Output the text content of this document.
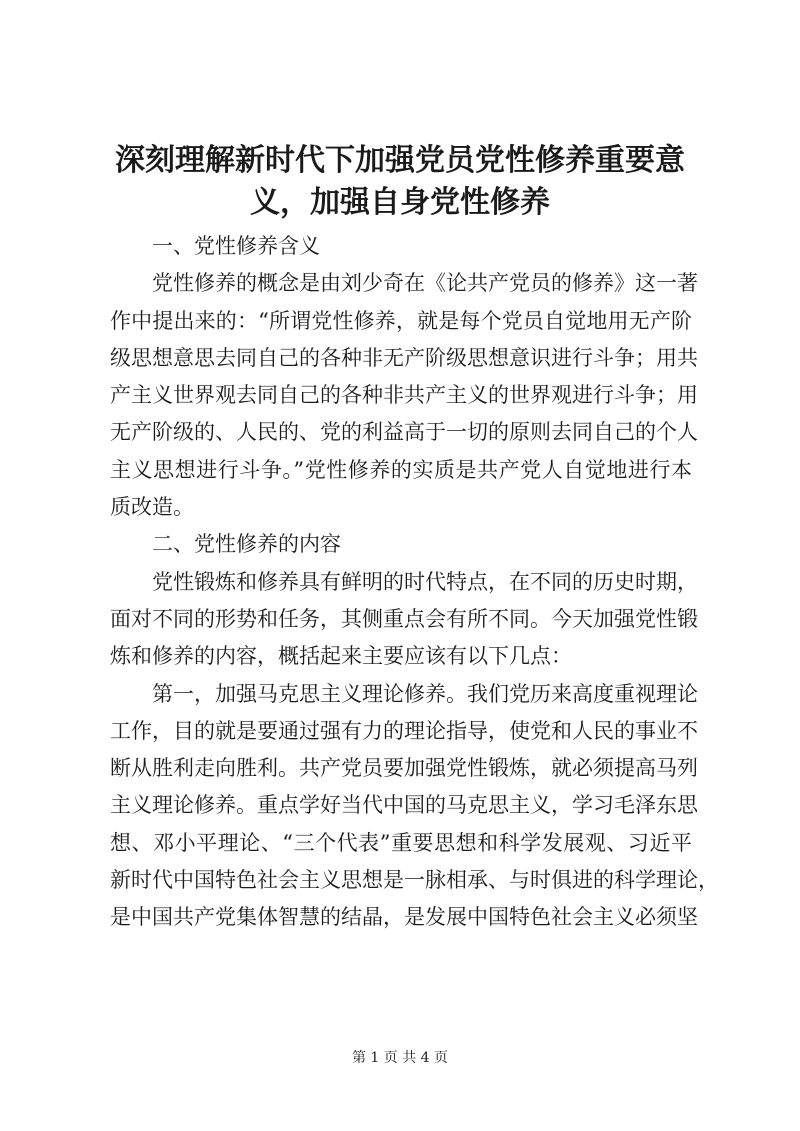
深刻理解新时代下加强党员党性修养重要意
义，加强自身党性修养
一、党性修养含义
党性修养的概念是由刘少奇在《论共产党员的修养》这一著
作中提出来的：“所谓党性修养，就是每个党员自觉地用无产阶
级思想意思去同自己的各种非无产阶级思想意识进行斗争；用共
产主义世界观去同自己的各种非共产主义的世界观进行斗争；用
无产阶级的、人民的、党的利益高于一切的原则去同自己的个人
主义思想进行斗争。”党性修养的实质是共产党人自觉地进行本
质改造。
二、党性修养的内容
党性锻炼和修养具有鲜明的时代特点，在不同的历史时期，
面对不同的形势和任务，其侧重点会有所不同。今天加强党性锻
炼和修养的内容，概括起来主要应该有以下几点：
第一，加强马克思主义理论修养。我们党历来高度重视理论
工作，目的就是要通过强有力的理论指导，使党和人民的事业不
断从胜利走向胜利。共产党员要加强党性锻炼，就必须提高马列
主义理论修养。重点学好当代中国的马克思主义，学习毛泽东思
想、邓小平理论、“三个代表”重要思想和科学发展观、习近平
新时代中国特色社会主义思想是一脉相承、与时俱进的科学理论，
是中国共产党集体智慧的结晶，是发展中国特色社会主义必须坚
第 1 页 共 4 页
